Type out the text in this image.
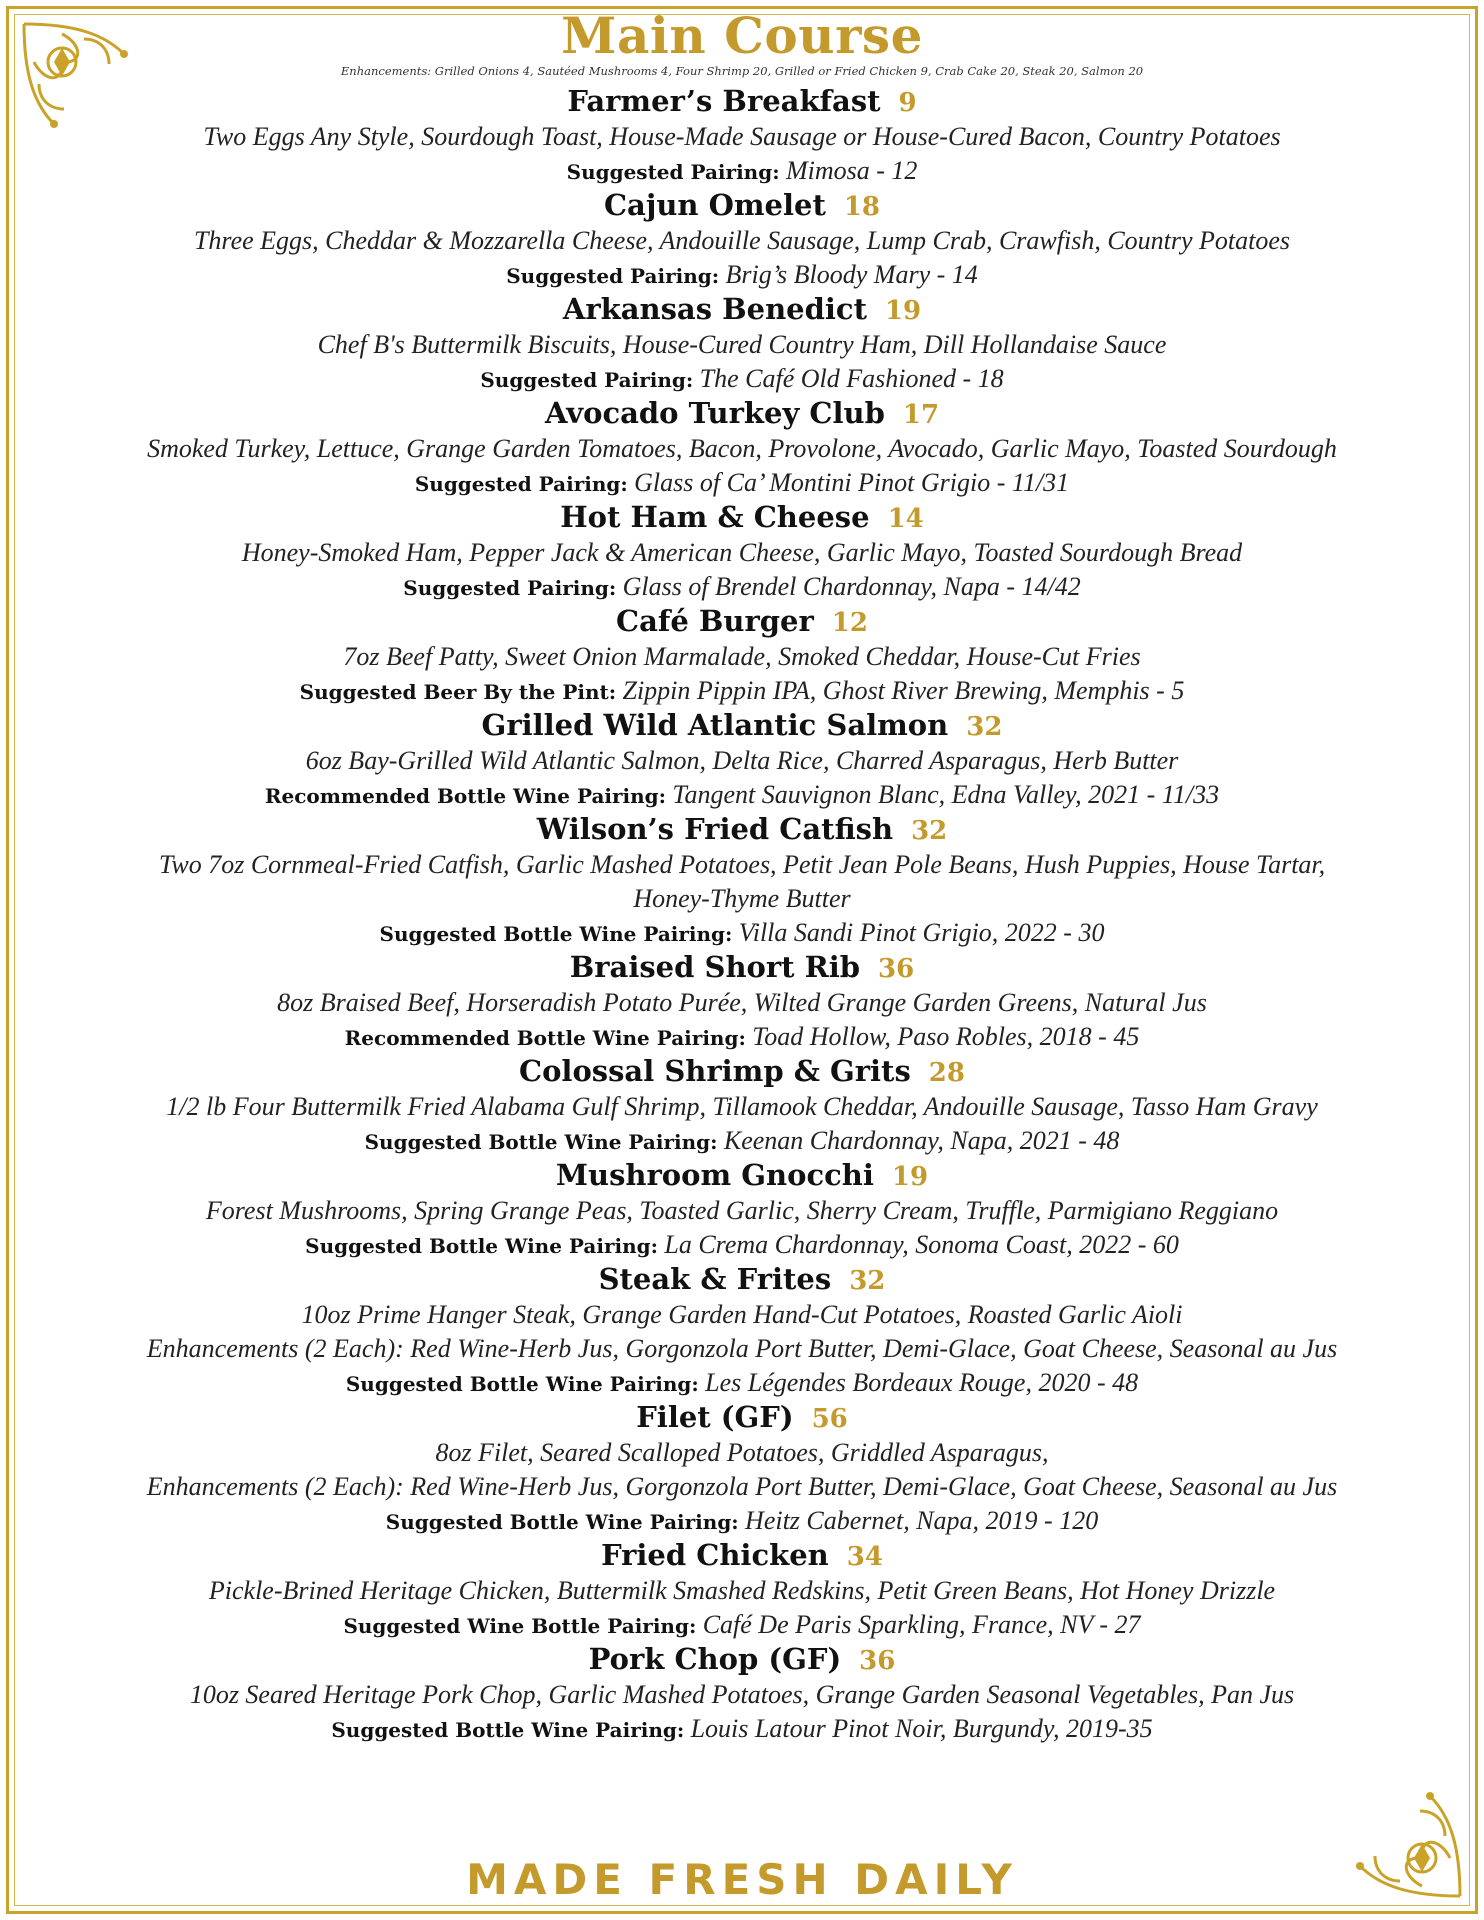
Main Course

Enhancements: Grilled Onions 4, Sautéed Mushrooms 4, Four Shrimp 20, Grilled or Fried Chicken 9, Crab Cake 20, Steak 20, Salmon 20

Farmer’s Breakfast 9

Two Eggs Any Style, Sourdough Toast, House-Made Sausage or House-Cured Bacon, Country Potatoes

Suggested Pairing: Mimosa - 12

Cajun Omelet 18

Three Eggs, Cheddar & Mozzarella Cheese, Andouille Sausage, Lump Crab, Crawfish, Country Potatoes

Suggested Pairing: Brig’s Bloody Mary - 14

Arkansas Benedict 19

Chef B's Buttermilk Biscuits, House-Cured Country Ham, Dill Hollandaise Sauce

Suggested Pairing: The Café Old Fashioned - 18

Avocado Turkey Club 17

Smoked Turkey, Lettuce, Grange Garden Tomatoes, Bacon, Provolone, Avocado, Garlic Mayo, Toasted Sourdough

Suggested Pairing: Glass of Ca’ Montini Pinot Grigio - 11/31

Hot Ham & Cheese 14

Honey-Smoked Ham, Pepper Jack & American Cheese, Garlic Mayo, Toasted Sourdough Bread

Suggested Pairing: Glass of Brendel Chardonnay, Napa - 14/42

Café Burger 12

7oz Beef Patty, Sweet Onion Marmalade, Smoked Cheddar, House-Cut Fries

Suggested Beer By the Pint: Zippin Pippin IPA, Ghost River Brewing, Memphis - 5

Grilled Wild Atlantic Salmon 32

6oz Bay-Grilled Wild Atlantic Salmon, Delta Rice, Charred Asparagus, Herb Butter

Recommended Bottle Wine Pairing: Tangent Sauvignon Blanc, Edna Valley, 2021 - 11/33

Wilson’s Fried Catfish 32

Two 7oz Cornmeal-Fried Catfish, Garlic Mashed Potatoes, Petit Jean Pole Beans, Hush Puppies, House Tartar,

Honey-Thyme Butter

Suggested Bottle Wine Pairing: Villa Sandi Pinot Grigio, 2022 - 30

Braised Short Rib 36

8oz Braised Beef, Horseradish Potato Purée, Wilted Grange Garden Greens, Natural Jus

Recommended Bottle Wine Pairing: Toad Hollow, Paso Robles, 2018 - 45

Colossal Shrimp & Grits 28

1/2 lb Four Buttermilk Fried Alabama Gulf Shrimp, Tillamook Cheddar, Andouille Sausage, Tasso Ham Gravy

Suggested Bottle Wine Pairing: Keenan Chardonnay, Napa, 2021 - 48

Mushroom Gnocchi 19

Forest Mushrooms, Spring Grange Peas, Toasted Garlic, Sherry Cream, Truffle, Parmigiano Reggiano

Suggested Bottle Wine Pairing: La Crema Chardonnay, Sonoma Coast, 2022 - 60

Steak & Frites 32

10oz Prime Hanger Steak, Grange Garden Hand-Cut Potatoes, Roasted Garlic Aioli

Enhancements (2 Each): Red Wine-Herb Jus, Gorgonzola Port Butter, Demi-Glace, Goat Cheese, Seasonal au Jus

Suggested Bottle Wine Pairing: Les Légendes Bordeaux Rouge, 2020 - 48

Filet (GF) 56

8oz Filet, Seared Scalloped Potatoes, Griddled Asparagus,

Enhancements (2 Each): Red Wine-Herb Jus, Gorgonzola Port Butter, Demi-Glace, Goat Cheese, Seasonal au Jus

Suggested Bottle Wine Pairing: Heitz Cabernet, Napa, 2019 - 120

Fried Chicken 34

Pickle-Brined Heritage Chicken, Buttermilk Smashed Redskins, Petit Green Beans, Hot Honey Drizzle

Suggested Wine Bottle Pairing: Café De Paris Sparkling, France, NV - 27

Pork Chop (GF) 36

10oz Seared Heritage Pork Chop, Garlic Mashed Potatoes, Grange Garden Seasonal Vegetables, Pan Jus

Suggested Bottle Wine Pairing: Louis Latour Pinot Noir, Burgundy, 2019-35

MADE FRESH DAILY
